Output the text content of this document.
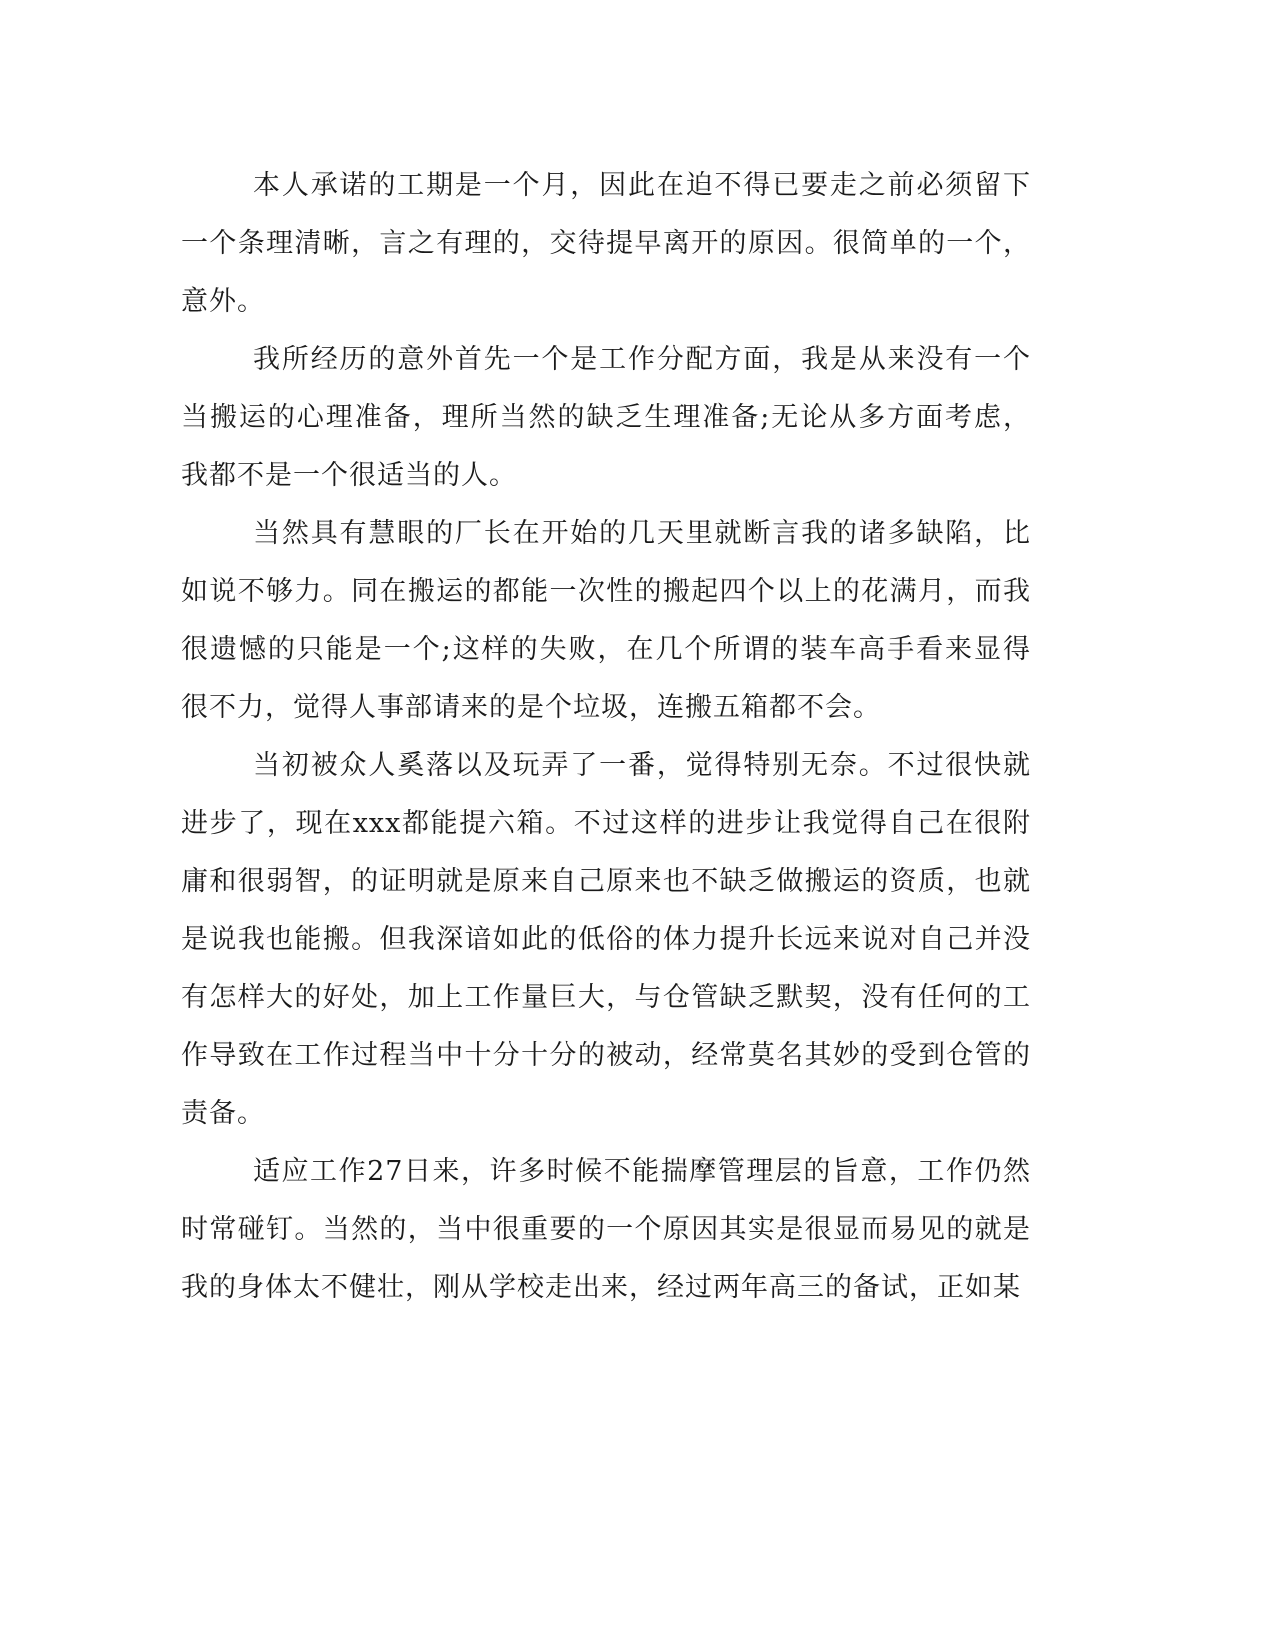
本人承诺的工期是一个月，因此在迫不得已要走之前必须留下一个条理清晰，言之有理的，交待提早离开的原因。很简单的一个，意外。

我所经历的意外首先一个是工作分配方面，我是从来没有一个当搬运的心理准备，理所当然的缺乏生理准备;无论从多方面考虑，我都不是一个很适当的人。

当然具有慧眼的厂长在开始的几天里就断言我的诸多缺陷，比如说不够力。同在搬运的都能一次性的搬起四个以上的花满月，而我很遗憾的只能是一个;这样的失败，在几个所谓的装车高手看来显得很不力，觉得人事部请来的是个垃圾，连搬五箱都不会。

当初被众人奚落以及玩弄了一番，觉得特别无奈。不过很快就进步了，现在xxx都能提六箱。不过这样的进步让我觉得自己在很附庸和很弱智，的证明就是原来自己原来也不缺乏做搬运的资质，也就是说我也能搬。但我深谙如此的低俗的体力提升长远来说对自己并没有怎样大的好处，加上工作量巨大，与仓管缺乏默契，没有任何的工作导致在工作过程当中十分十分的被动，经常莫名其妙的受到仓管的责备。

适应工作27日来，许多时候不能揣摩管理层的旨意，工作仍然时常碰钉。当然的，当中很重要的一个原因其实是很显而易见的就是我的身体太不健壮，刚从学校走出来，经过两年高三的备试，正如某
